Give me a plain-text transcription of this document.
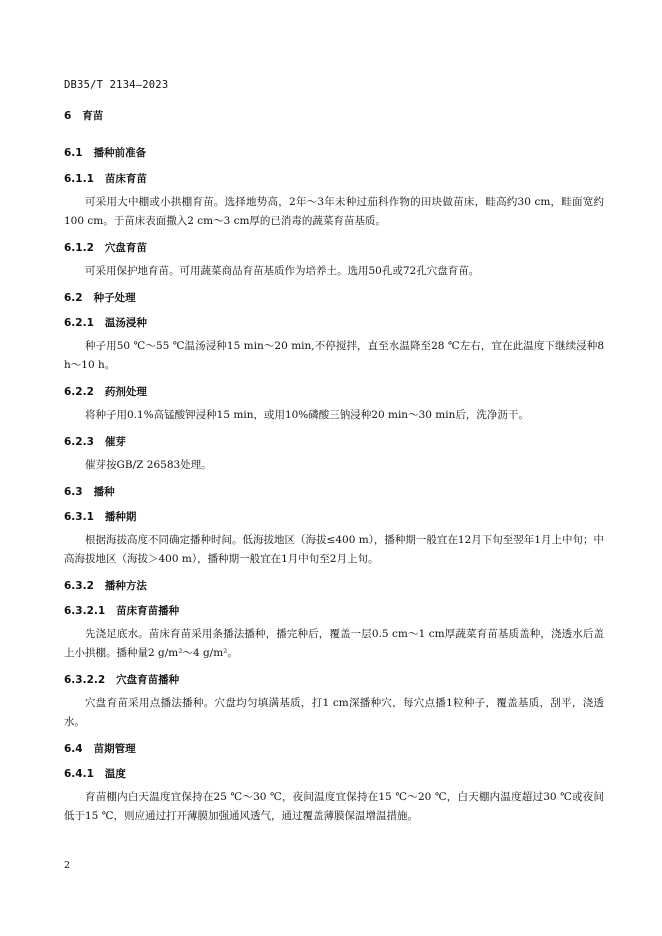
DB35/T 2134—2023
6 育苗
6.1 播种前准备
6.1.1 苗床育苗
可采用大中棚或小拱棚育苗。选择地势高，2年～3年未种过茄科作物的田块做苗床，畦高约30 cm，畦面宽约100 cm。于苗床表面撒入2 cm～3 cm厚的已消毒的蔬菜育苗基质。
6.1.2 穴盘育苗
可采用保护地育苗。可用蔬菜商品育苗基质作为培养土。选用50孔或72孔穴盘育苗。
6.2 种子处理
6.2.1 温汤浸种
种子用50 ℃～55 ℃温汤浸种15 min～20 min,不停搅拌，直至水温降至28 ℃左右，宜在此温度下继续浸种8 h～10 h。
6.2.2 药剂处理
将种子用0.1%高锰酸钾浸种15 min，或用10%磷酸三钠浸种20 min～30 min后，洗净沥干。
6.2.3 催芽
催芽按GB/Z 26583处理。
6.3 播种
6.3.1 播种期
根据海拔高度不同确定播种时间。低海拔地区（海拔≤400 m），播种期一般宜在12月下旬至翌年1月上中旬；中高海拔地区（海拔＞400 m），播种期一般宜在1月中旬至2月上旬。
6.3.2 播种方法
6.3.2.1 苗床育苗播种
先浇足底水。苗床育苗采用条播法播种，播完种后，覆盖一层0.5 cm～1 cm厚蔬菜育苗基质盖种，浇透水后盖上小拱棚。播种量2 g/m²～4 g/m²。
6.3.2.2 穴盘育苗播种
穴盘育苗采用点播法播种。穴盘均匀填满基质，打1 cm深播种穴，每穴点播1粒种子，覆盖基质，刮平，浇透水。
6.4 苗期管理
6.4.1 温度
育苗棚内白天温度宜保持在25 ℃～30 ℃，夜间温度宜保持在15 ℃～20 ℃，白天棚内温度超过30 ℃或夜间低于15 ℃，则应通过打开薄膜加强通风透气，通过覆盖薄膜保温增温措施。
2
